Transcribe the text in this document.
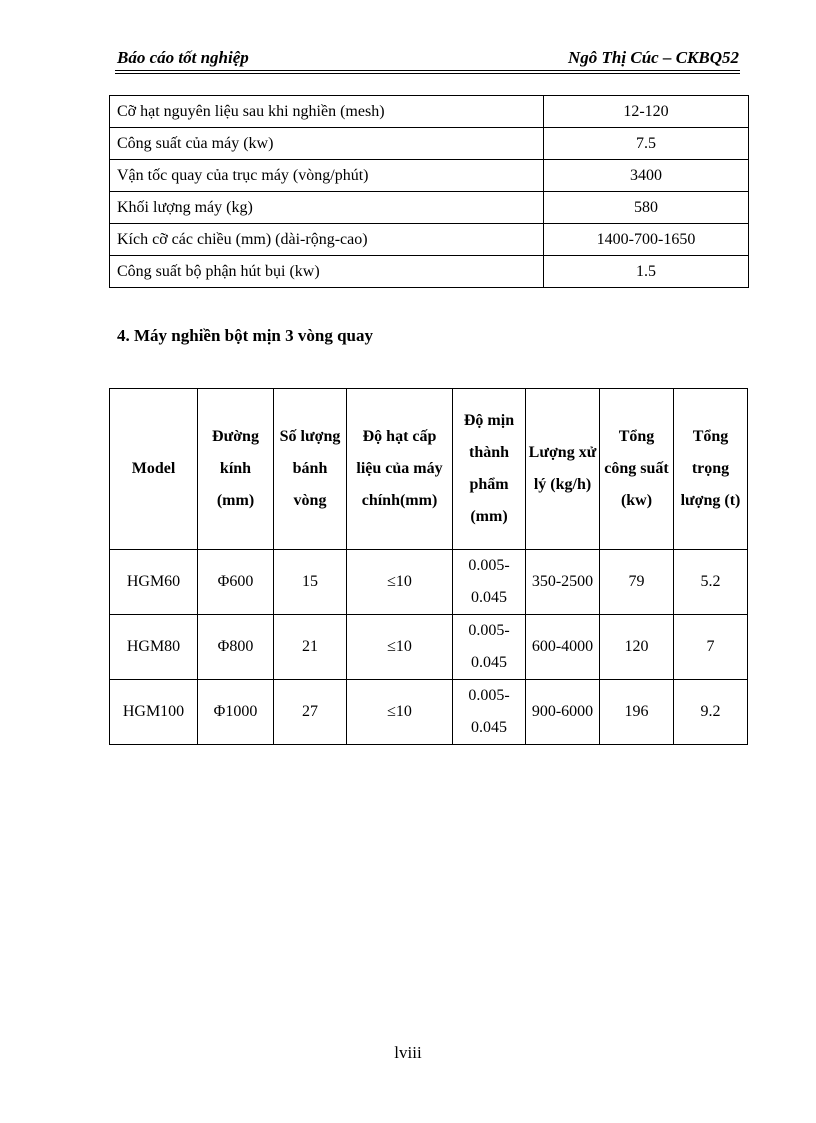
Báo cáo tốt nghiệp	Ngô Thị Cúc – CKBQ52
Cỡ hạt nguyên liệu sau khi nghiền (mesh)	12-120
Công suất của máy (kw)	7.5
Vận tốc quay của trục máy (vòng/phút)	3400
Khối lượng máy (kg)	580
Kích cỡ các chiều (mm) (dài-rộng-cao)	1400-700-1650
Công suất bộ phận hút bụi (kw)	1.5
4. Máy nghiền bột mịn 3 vòng quay
Model	Đường kính (mm)	Số lượng bánh vòng	Độ hạt cấp liệu của máy chính(mm)	Độ mịn thành phẩm (mm)	Lượng xử lý (kg/h)	Tổng công suất (kw)	Tổng trọng lượng (t)
HGM60	Φ600	15	≤10	0.005-0.045	350-2500	79	5.2
HGM80	Φ800	21	≤10	0.005-0.045	600-4000	120	7
HGM100	Φ1000	27	≤10	0.005-0.045	900-6000	196	9.2
lviii
